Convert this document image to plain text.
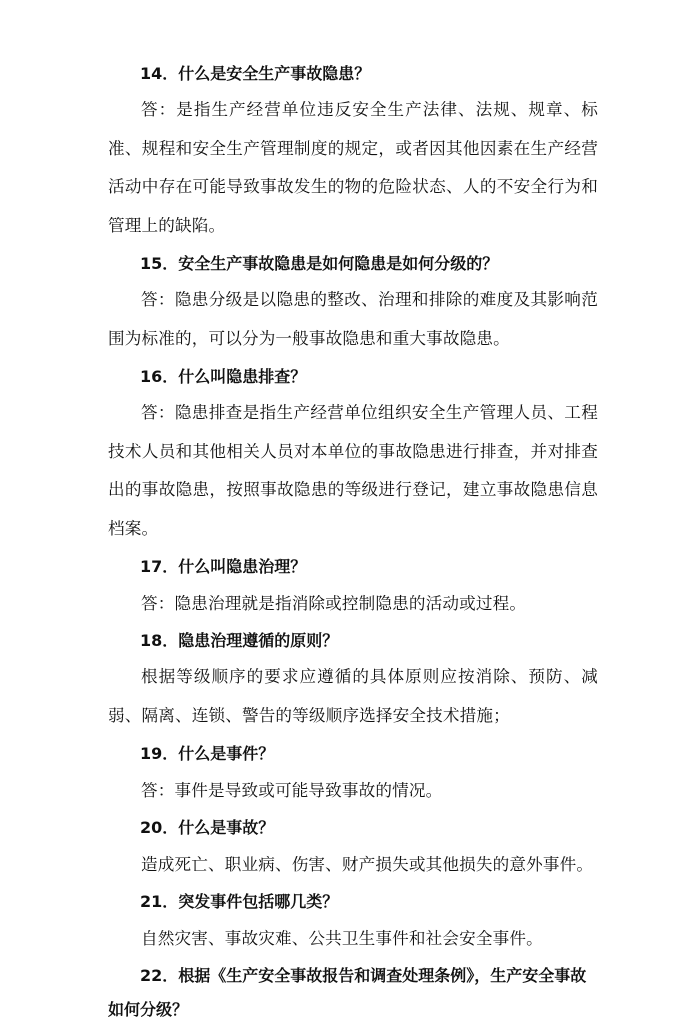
14．什么是安全生产事故隐患？

答：是指生产经营单位违反安全生产法律、法规、规章、标准、规程和安全生产管理制度的规定，或者因其他因素在生产经营活动中存在可能导致事故发生的物的危险状态、人的不安全行为和管理上的缺陷。

15．安全生产事故隐患是如何隐患是如何分级的？

答：隐患分级是以隐患的整改、治理和排除的难度及其影响范围为标准的，可以分为一般事故隐患和重大事故隐患。

16．什么叫隐患排查？

答：隐患排查是指生产经营单位组织安全生产管理人员、工程技术人员和其他相关人员对本单位的事故隐患进行排查，并对排查出的事故隐患，按照事故隐患的等级进行登记，建立事故隐患信息档案。

17．什么叫隐患治理？

答：隐患治理就是指消除或控制隐患的活动或过程。

18．隐患治理遵循的原则？

根据等级顺序的要求应遵循的具体原则应按消除、预防、减弱、隔离、连锁、警告的等级顺序选择安全技术措施；

19．什么是事件？

答：事件是导致或可能导致事故的情况。

20．什么是事故？

造成死亡、职业病、伤害、财产损失或其他损失的意外事件。

21．突发事件包括哪几类？

自然灾害、事故灾难、公共卫生事件和社会安全事件。

22．根据《生产安全事故报告和调查处理条例》，生产安全事故如何分级？
